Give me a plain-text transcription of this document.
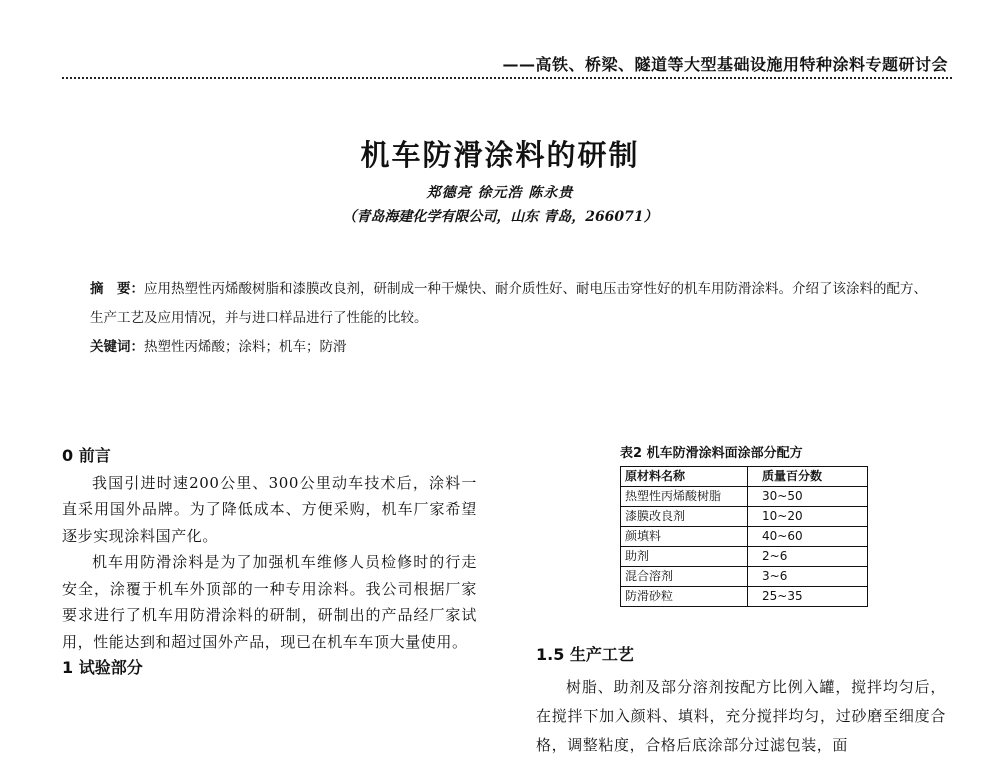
——高铁、桥梁、隧道等大型基础设施用特种涂料专题研讨会
机车防滑涂料的研制
郑德亮 徐元浩 陈永贵
（青岛海建化学有限公司，山东 青岛，266071）
摘　要：应用热塑性丙烯酸树脂和漆膜改良剂，研制成一种干燥快、耐介质性好、耐电压击穿性好的机车用防滑涂料。介绍了该涂料的配方、生产工艺及应用情况，并与进口样品进行了性能的比较。
关键词：热塑性丙烯酸；涂料；机车；防滑

0 前言

我国引进时速200公里、300公里动车技术后，涂料一直采用国外品牌。为了降低成本、方便采购，机车厂家希望逐步实现涂料国产化。

机车用防滑涂料是为了加强机车维修人员检修时的行走安全，涂覆于机车外顶部的一种专用涂料。我公司根据厂家要求进行了机车用防滑涂料的研制，研制出的产品经厂家试用，性能达到和超过国外产品，现已在机车车顶大量使用。

1 试验部分

表2 机车防滑涂料面涂部分配方
原材料名称	质量百分数
热塑性丙烯酸树脂	30~50
漆膜改良剂	10~20
颜填料	40~60
助剂	2~6
混合溶剂	3~6
防滑砂粒	25~35

1.5 生产工艺

树脂、助剂及部分溶剂按配方比例入罐，搅拌均匀后，在搅拌下加入颜料、填料，充分搅拌均匀，过砂磨至细度合格，调整粘度，合格后底涂部分过滤包装，面
